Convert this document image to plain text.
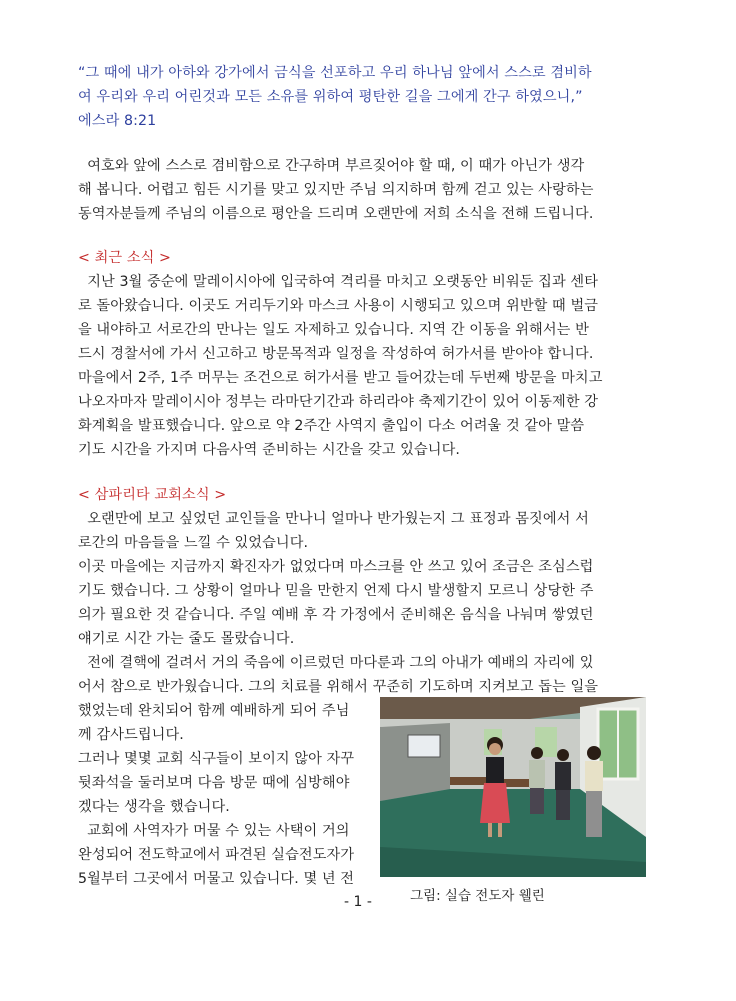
“그 때에 내가 아하와 강가에서 금식을 선포하고 우리 하나님 앞에서 스스로 겸비하

여 우리와 우리 어린것과 모든 소유를 위하여 평탄한 길을 그에게 간구 하였으니,”

에스라 8:21

여호와 앞에 스스로 겸비함으로 간구하며 부르짖어야 할 때, 이 때가 아닌가 생각

해 봅니다. 어렵고 힘든 시기를 맞고 있지만 주님 의지하며 함께 걷고 있는 사랑하는

동역자분들께 주님의 이름으로 평안을 드리며 오랜만에 저희 소식을 전해 드립니다.

< 최근 소식 >

지난 3월 중순에 말레이시아에 입국하여 격리를 마치고 오랫동안 비워둔 집과 센타

로 돌아왔습니다. 이곳도 거리두기와 마스크 사용이 시행되고 있으며 위반할 때 벌금

을 내야하고 서로간의 만나는 일도 자제하고 있습니다. 지역 간 이동을 위해서는 반

드시 경찰서에 가서 신고하고 방문목적과 일정을 작성하여 허가서를 받아야 합니다.

마을에서 2주, 1주 머무는 조건으로 허가서를 받고 들어갔는데 두번째 방문을 마치고

나오자마자 말레이시아 정부는 라마단기간과 하리라야 축제기간이 있어 이동제한 강

화계획을 발표했습니다. 앞으로 약 2주간 사역지 출입이 다소 어려울 것 같아 말씀

기도 시간을 가지며 다음사역 준비하는 시간을 갖고 있습니다.

< 삼파리타 교회소식 >

오랜만에 보고 싶었던 교인들을 만나니 얼마나 반가웠는지 그 표정과 몸짓에서 서

로간의 마음들을 느낄 수 있었습니다.

이곳 마을에는 지금까지 확진자가 없었다며 마스크를 안 쓰고 있어 조금은 조심스럽

기도 했습니다. 그 상황이 얼마나 믿을 만한지 언제 다시 발생할지 모르니 상당한 주

의가 필요한 것 같습니다. 주일 예배 후 각 가정에서 준비해온 음식을 나눠며 쌓였던

얘기로 시간 가는 줄도 몰랐습니다.

전에 결핵에 걸려서 거의 죽음에 이르렀던 마다룬과 그의 아내가 예배의 자리에 있

어서 참으로 반가웠습니다. 그의 치료를 위해서 꾸준히 기도하며 지켜보고 돕는 일을

했었는데 완치되어 함께 예배하게 되어 주님

께 감사드립니다.

그러나 몇몇 교회 식구들이 보이지 않아 자꾸

뒷좌석을 둘러보며 다음 방문 때에 심방해야

겠다는 생각을 했습니다.

교회에 사역자가 머물 수 있는 사택이 거의

완성되어 전도학교에서 파견된 실습전도자가

5월부터 그곳에서 머물고 있습니다. 몇 년 전

그림: 실습 전도자 웰린

- 1 -
